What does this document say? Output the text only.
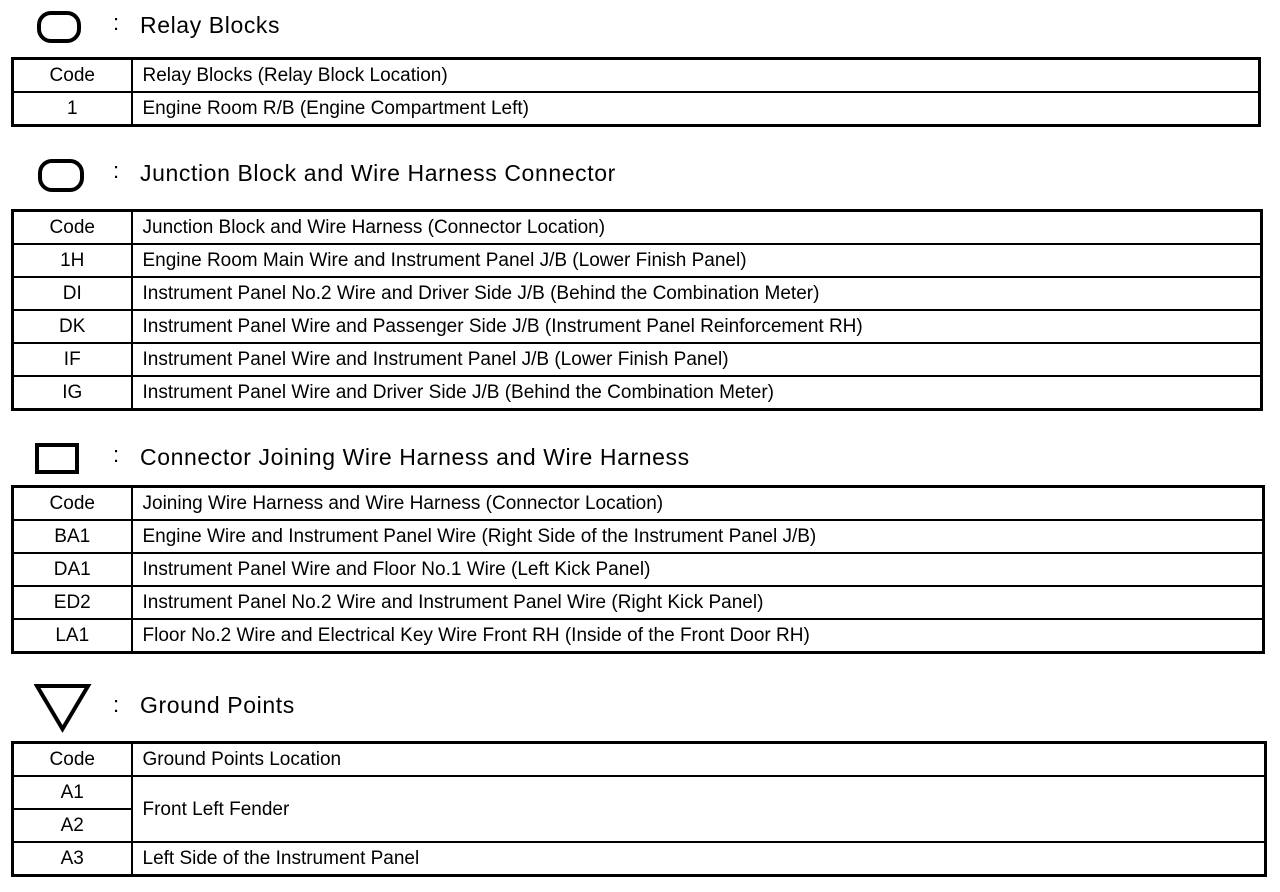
: Relay Blocks
Code	Relay Blocks (Relay Block Location)
1	Engine Room R/B (Engine Compartment Left)
: Junction Block and Wire Harness Connector
Code	Junction Block and Wire Harness (Connector Location)
1H	Engine Room Main Wire and Instrument Panel J/B (Lower Finish Panel)
DI	Instrument Panel No.2 Wire and Driver Side J/B (Behind the Combination Meter)
DK	Instrument Panel Wire and Passenger Side J/B (Instrument Panel Reinforcement RH)
IF	Instrument Panel Wire and Instrument Panel J/B (Lower Finish Panel)
IG	Instrument Panel Wire and Driver Side J/B (Behind the Combination Meter)
: Connector Joining Wire Harness and Wire Harness
Code	Joining Wire Harness and Wire Harness (Connector Location)
BA1	Engine Wire and Instrument Panel Wire (Right Side of the Instrument Panel J/B)
DA1	Instrument Panel Wire and Floor No.1 Wire (Left Kick Panel)
ED2	Instrument Panel No.2 Wire and Instrument Panel Wire (Right Kick Panel)
LA1	Floor No.2 Wire and Electrical Key Wire Front RH (Inside of the Front Door RH)
: Ground Points
Code	Ground Points Location
A1	Front Left Fender
A2	
A3	Left Side of the Instrument Panel
